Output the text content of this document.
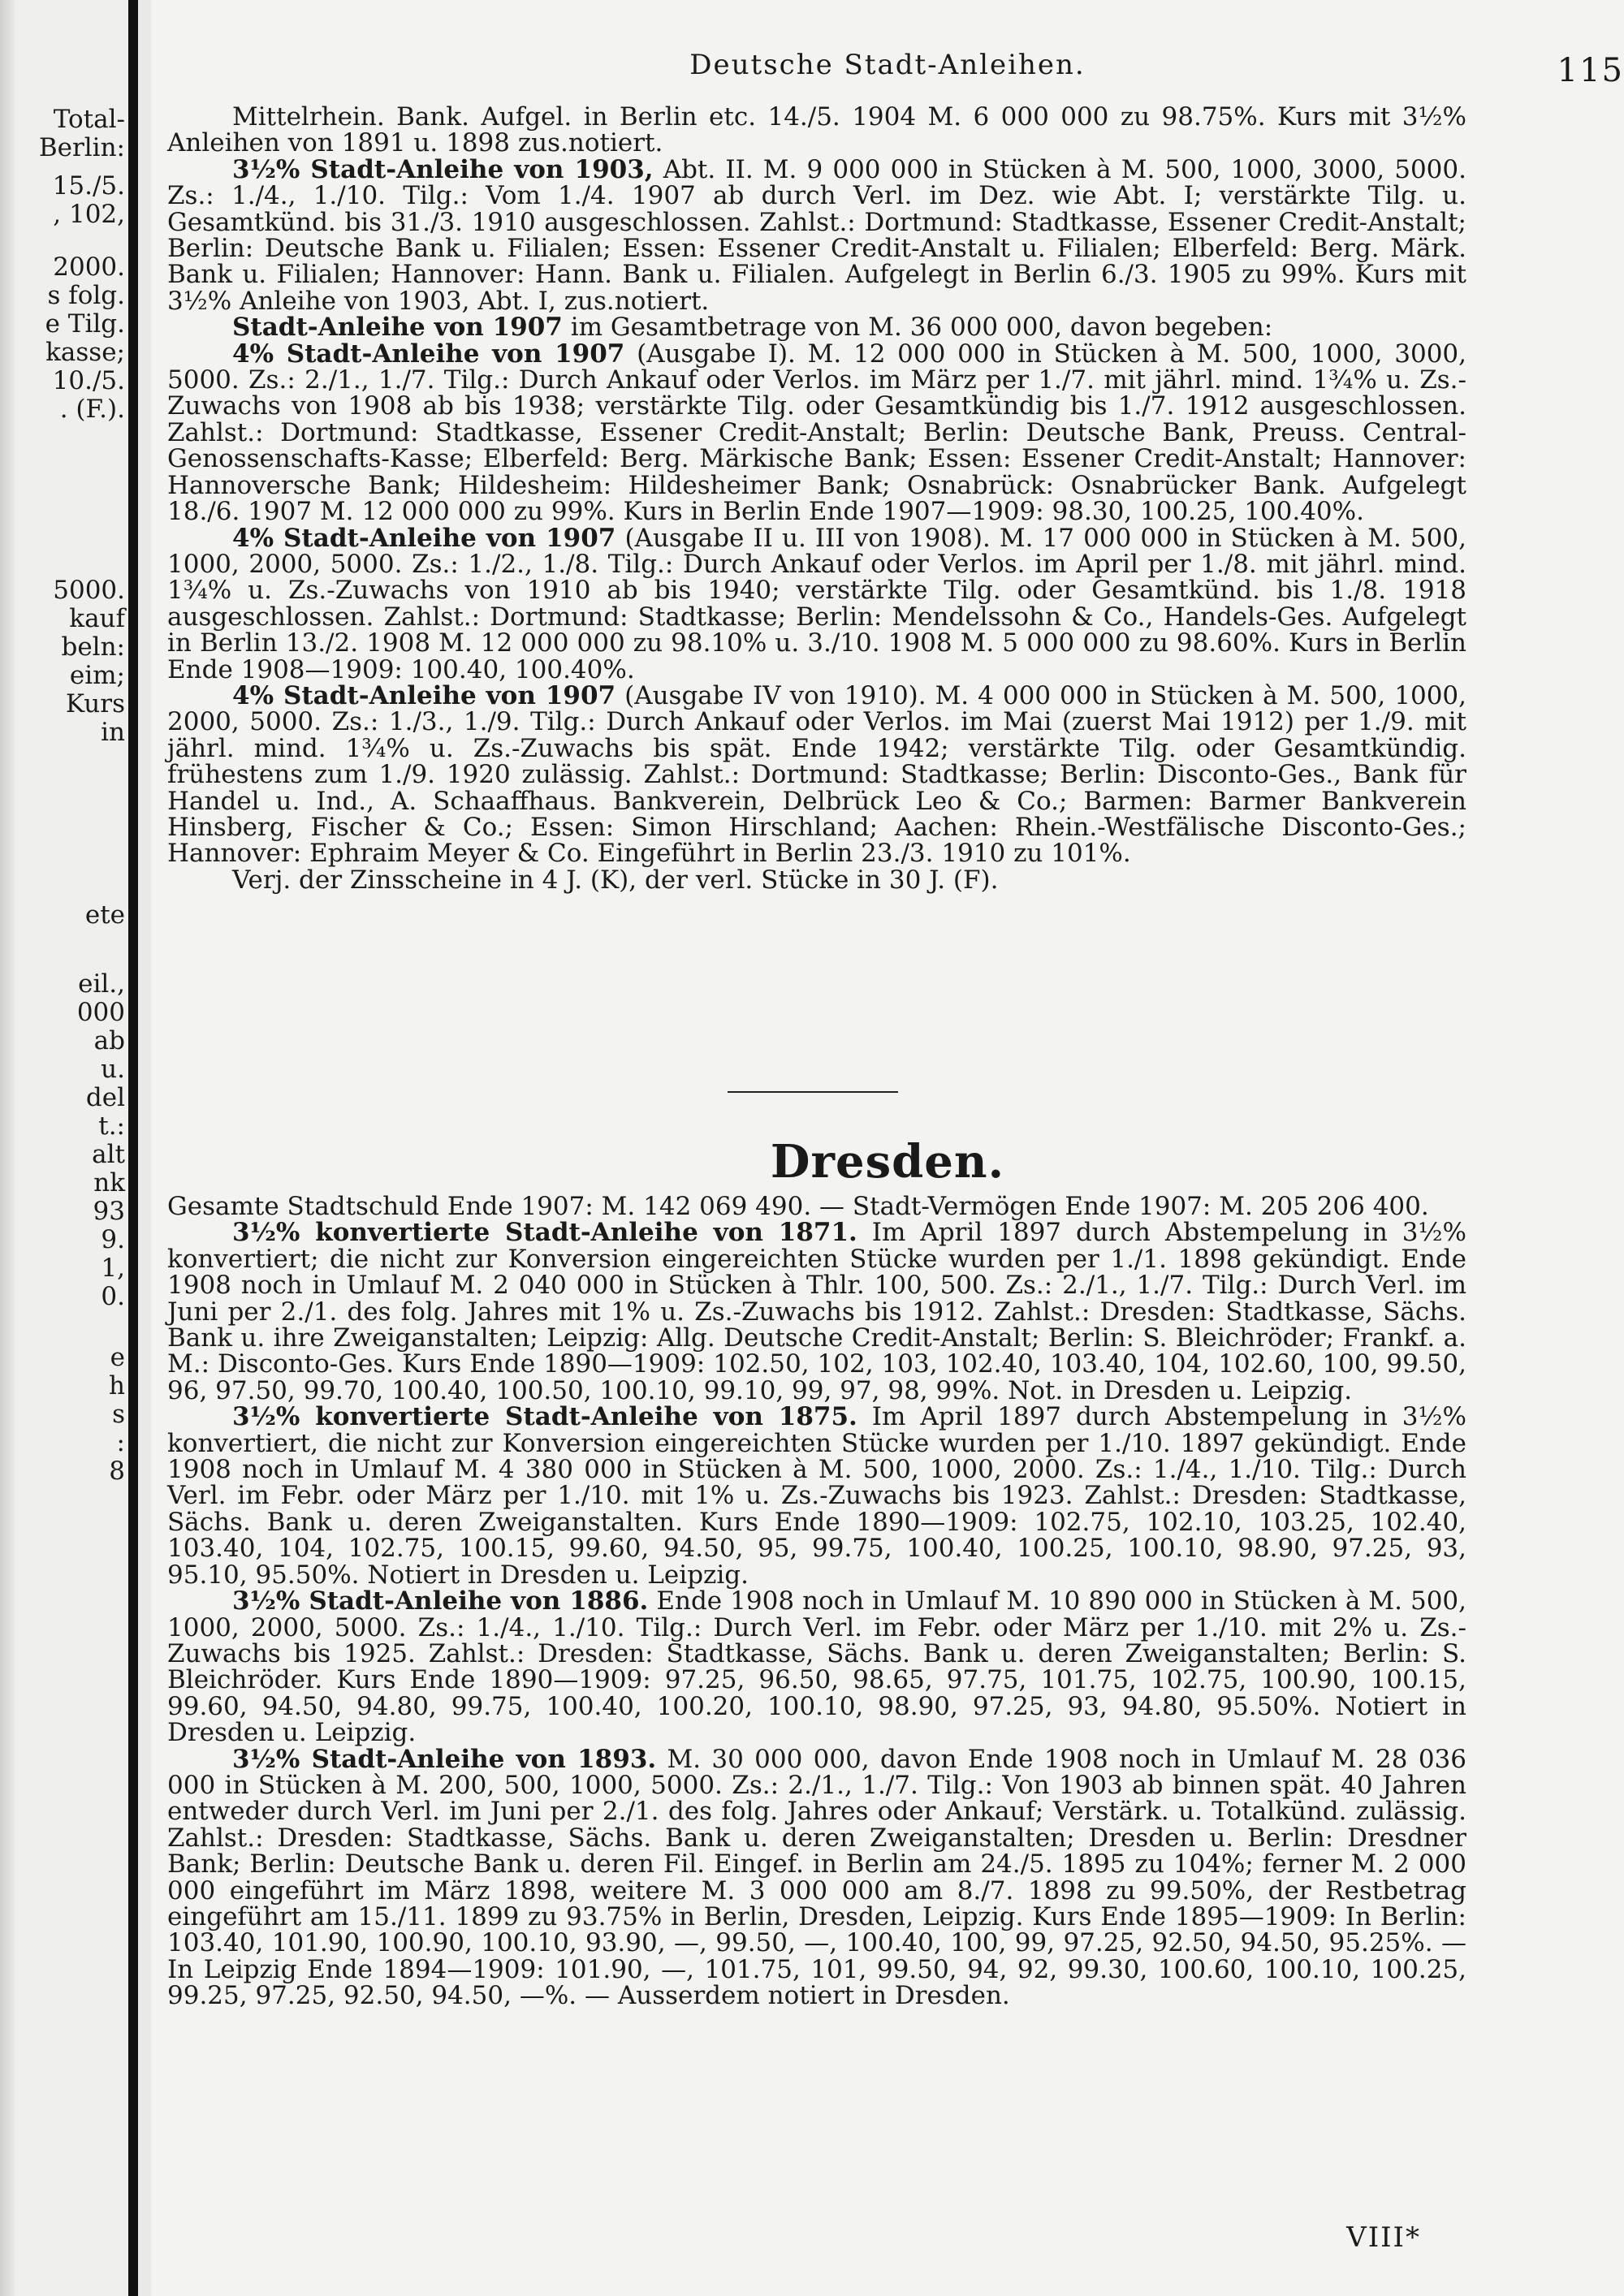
Total-
Berlin:
15./5.
, 102,
2000.
s folg.
e Tilg.
kasse;
10./5.
. (F.).
5000.
kauf
beln:
eim;
Kurs
in
ete
eil.,
000
ab
u.
del
t.:
alt
nk
93
9.
1,
0.
e
h
s
:
8
Deutsche Stadt-Anleihen.	115

Mittelrhein. Bank. Aufgel. in Berlin etc. 14./5. 1904 M. 6 000 000 zu 98.75%. Kurs mit 3½% Anleihen von 1891 u. 1898 zus.notiert.

3½% Stadt-Anleihe von 1903, Abt. II. M. 9 000 000 in Stücken à M. 500, 1000, 3000, 5000. Zs.: 1./4., 1./10. Tilg.: Vom 1./4. 1907 ab durch Verl. im Dez. wie Abt. I; verstärkte Tilg. u. Gesamtkünd. bis 31./3. 1910 ausgeschlossen. Zahlst.: Dortmund: Stadtkasse, Essener Credit-Anstalt; Berlin: Deutsche Bank u. Filialen; Essen: Essener Credit-Anstalt u. Filialen; Elberfeld: Berg. Märk. Bank u. Filialen; Hannover: Hann. Bank u. Filialen. Aufgelegt in Berlin 6./3. 1905 zu 99%. Kurs mit 3½% Anleihe von 1903, Abt. I, zus.notiert.

Stadt-Anleihe von 1907 im Gesamtbetrage von M. 36 000 000, davon begeben:

4% Stadt-Anleihe von 1907 (Ausgabe I). M. 12 000 000 in Stücken à M. 500, 1000, 3000, 5000. Zs.: 2./1., 1./7. Tilg.: Durch Ankauf oder Verlos. im März per 1./7. mit jährl. mind. 1¾% u. Zs.-Zuwachs von 1908 ab bis 1938; verstärkte Tilg. oder Gesamtkündig bis 1./7. 1912 ausgeschlossen. Zahlst.: Dortmund: Stadtkasse, Essener Credit-Anstalt; Berlin: Deutsche Bank, Preuss. Central-Genossenschafts-Kasse; Elberfeld: Berg. Märkische Bank; Essen: Essener Credit-Anstalt; Hannover: Hannoversche Bank; Hildesheim: Hildesheimer Bank; Osnabrück: Osnabrücker Bank. Aufgelegt 18./6. 1907 M. 12 000 000 zu 99%. Kurs in Berlin Ende 1907—1909: 98.30, 100.25, 100.40%.

4% Stadt-Anleihe von 1907 (Ausgabe II u. III von 1908). M. 17 000 000 in Stücken à M. 500, 1000, 2000, 5000. Zs.: 1./2., 1./8. Tilg.: Durch Ankauf oder Verlos. im April per 1./8. mit jährl. mind. 1¾% u. Zs.-Zuwachs von 1910 ab bis 1940; verstärkte Tilg. oder Gesamtkünd. bis 1./8. 1918 ausgeschlossen. Zahlst.: Dortmund: Stadtkasse; Berlin: Mendelssohn & Co., Handels-Ges. Aufgelegt in Berlin 13./2. 1908 M. 12 000 000 zu 98.10% u. 3./10. 1908 M. 5 000 000 zu 98.60%. Kurs in Berlin Ende 1908—1909: 100.40, 100.40%.

4% Stadt-Anleihe von 1907 (Ausgabe IV von 1910). M. 4 000 000 in Stücken à M. 500, 1000, 2000, 5000. Zs.: 1./3., 1./9. Tilg.: Durch Ankauf oder Verlos. im Mai (zuerst Mai 1912) per 1./9. mit jährl. mind. 1¾% u. Zs.-Zuwachs bis spät. Ende 1942; verstärkte Tilg. oder Gesamtkündig. frühestens zum 1./9. 1920 zulässig. Zahlst.: Dortmund: Stadtkasse; Berlin: Disconto-Ges., Bank für Handel u. Ind., A. Schaaffhaus. Bankverein, Delbrück Leo & Co.; Barmen: Barmer Bankverein Hinsberg, Fischer & Co.; Essen: Simon Hirschland; Aachen: Rhein.-Westfälische Disconto-Ges.; Hannover: Ephraim Meyer & Co. Eingeführt in Berlin 23./3. 1910 zu 101%.

Verj. der Zinsscheine in 4 J. (K), der verl. Stücke in 30 J. (F).

Dresden.

Gesamte Stadtschuld Ende 1907: M. 142 069 490. — Stadt-Vermögen Ende 1907: M. 205 206 400.

3½% konvertierte Stadt-Anleihe von 1871. Im April 1897 durch Abstempelung in 3½% konvertiert; die nicht zur Konversion eingereichten Stücke wurden per 1./1. 1898 gekündigt. Ende 1908 noch in Umlauf M. 2 040 000 in Stücken à Thlr. 100, 500. Zs.: 2./1., 1./7. Tilg.: Durch Verl. im Juni per 2./1. des folg. Jahres mit 1% u. Zs.-Zuwachs bis 1912. Zahlst.: Dresden: Stadtkasse, Sächs. Bank u. ihre Zweiganstalten; Leipzig: Allg. Deutsche Credit-Anstalt; Berlin: S. Bleichröder; Frankf. a. M.: Disconto-Ges. Kurs Ende 1890—1909: 102.50, 102, 103, 102.40, 103.40, 104, 102.60, 100, 99.50, 96, 97.50, 99.70, 100.40, 100.50, 100.10, 99.10, 99, 97, 98, 99%. Not. in Dresden u. Leipzig.

3½% konvertierte Stadt-Anleihe von 1875. Im April 1897 durch Abstempelung in 3½% konvertiert, die nicht zur Konversion eingereichten Stücke wurden per 1./10. 1897 gekündigt. Ende 1908 noch in Umlauf M. 4 380 000 in Stücken à M. 500, 1000, 2000. Zs.: 1./4., 1./10. Tilg.: Durch Verl. im Febr. oder März per 1./10. mit 1% u. Zs.-Zuwachs bis 1923. Zahlst.: Dresden: Stadtkasse, Sächs. Bank u. deren Zweiganstalten. Kurs Ende 1890—1909: 102.75, 102.10, 103.25, 102.40, 103.40, 104, 102.75, 100.15, 99.60, 94.50, 95, 99.75, 100.40, 100.25, 100.10, 98.90, 97.25, 93, 95.10, 95.50%. Notiert in Dresden u. Leipzig.

3½% Stadt-Anleihe von 1886. Ende 1908 noch in Umlauf M. 10 890 000 in Stücken à M. 500, 1000, 2000, 5000. Zs.: 1./4., 1./10. Tilg.: Durch Verl. im Febr. oder März per 1./10. mit 2% u. Zs.-Zuwachs bis 1925. Zahlst.: Dresden: Stadtkasse, Sächs. Bank u. deren Zweiganstalten; Berlin: S. Bleichröder. Kurs Ende 1890—1909: 97.25, 96.50, 98.65, 97.75, 101.75, 102.75, 100.90, 100.15, 99.60, 94.50, 94.80, 99.75, 100.40, 100.20, 100.10, 98.90, 97.25, 93, 94.80, 95.50%. Notiert in Dresden u. Leipzig.

3½% Stadt-Anleihe von 1893. M. 30 000 000, davon Ende 1908 noch in Umlauf M. 28 036 000 in Stücken à M. 200, 500, 1000, 5000. Zs.: 2./1., 1./7. Tilg.: Von 1903 ab binnen spät. 40 Jahren entweder durch Verl. im Juni per 2./1. des folg. Jahres oder Ankauf; Verstärk. u. Totalkünd. zulässig. Zahlst.: Dresden: Stadtkasse, Sächs. Bank u. deren Zweiganstalten; Dresden u. Berlin: Dresdner Bank; Berlin: Deutsche Bank u. deren Fil. Eingef. in Berlin am 24./5. 1895 zu 104%; ferner M. 2 000 000 eingeführt im März 1898, weitere M. 3 000 000 am 8./7. 1898 zu 99.50%, der Restbetrag eingeführt am 15./11. 1899 zu 93.75% in Berlin, Dresden, Leipzig. Kurs Ende 1895—1909: In Berlin: 103.40, 101.90, 100.90, 100.10, 93.90, —, 99.50, —, 100.40, 100, 99, 97.25, 92.50, 94.50, 95.25%. — In Leipzig Ende 1894—1909: 101.90, —, 101.75, 101, 99.50, 94, 92, 99.30, 100.60, 100.10, 100.25, 99.25, 97.25, 92.50, 94.50, —%. — Ausserdem notiert in Dresden.

VIII*
